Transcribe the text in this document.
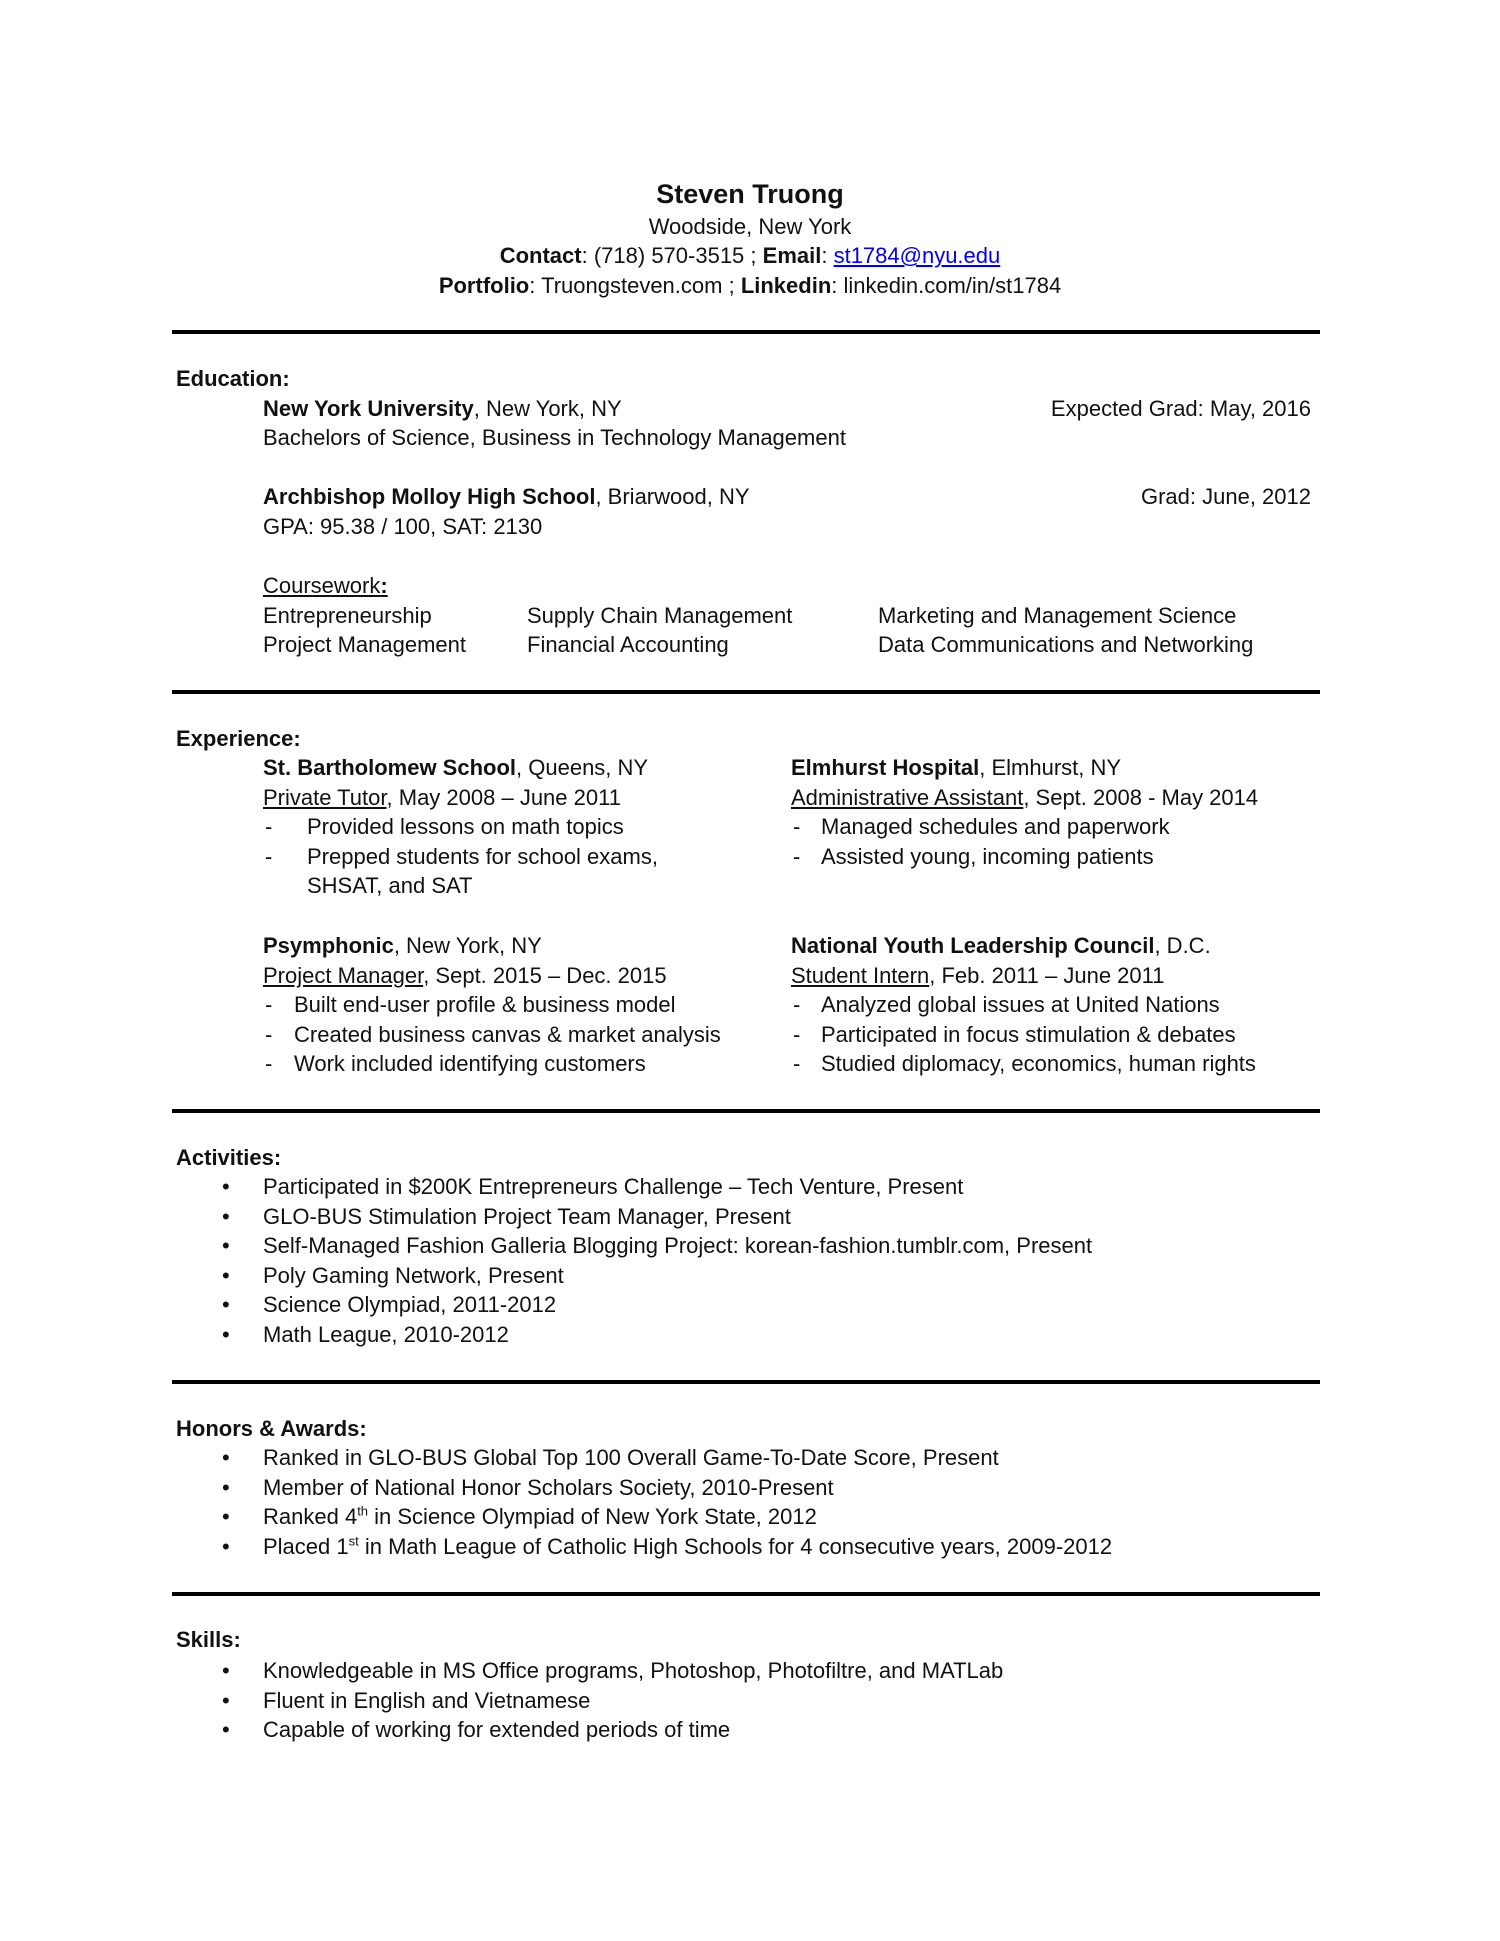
Steven Truong
Woodside, New York
Contact: (718) 570-3515 ; Email: st1784@nyu.edu
Portfolio: Truongsteven.com ; Linkedin: linkedin.com/in/st1784
Education:
New York University, New York, NY	Expected Grad: May, 2016
Bachelors of Science, Business in Technology Management
Archbishop Molloy High School, Briarwood, NY	Grad: June, 2012
GPA: 95.38 / 100, SAT: 2130
Coursework:
Entrepreneurship	Supply Chain Management	Marketing and Management Science
Project Management	Financial Accounting	Data Communications and Networking
Experience:
St. Bartholomew School, Queens, NY
Private Tutor, May 2008 – June 2011
- Provided lessons on math topics
- Prepped students for school exams,
SHSAT, and SAT
Elmhurst Hospital, Elmhurst, NY
Administrative Assistant, Sept. 2008 - May 2014
- Managed schedules and paperwork
- Assisted young, incoming patients
Psymphonic, New York, NY
Project Manager, Sept. 2015 – Dec. 2015
- Built end-user profile & business model
- Created business canvas & market analysis
- Work included identifying customers
National Youth Leadership Council, D.C.
Student Intern, Feb. 2011 – June 2011
- Analyzed global issues at United Nations
- Participated in focus stimulation & debates
- Studied diplomacy, economics, human rights
Activities:
• Participated in $200K Entrepreneurs Challenge – Tech Venture, Present
• GLO-BUS Stimulation Project Team Manager, Present
• Self-Managed Fashion Galleria Blogging Project: korean-fashion.tumblr.com, Present
• Poly Gaming Network, Present
• Science Olympiad, 2011-2012
• Math League, 2010-2012
Honors & Awards:
• Ranked in GLO-BUS Global Top 100 Overall Game-To-Date Score, Present
• Member of National Honor Scholars Society, 2010-Present
• Ranked 4th in Science Olympiad of New York State, 2012
• Placed 1st in Math League of Catholic High Schools for 4 consecutive years, 2009-2012
Skills:
• Knowledgeable in MS Office programs, Photoshop, Photofiltre, and MATLab
• Fluent in English and Vietnamese
• Capable of working for extended periods of time
